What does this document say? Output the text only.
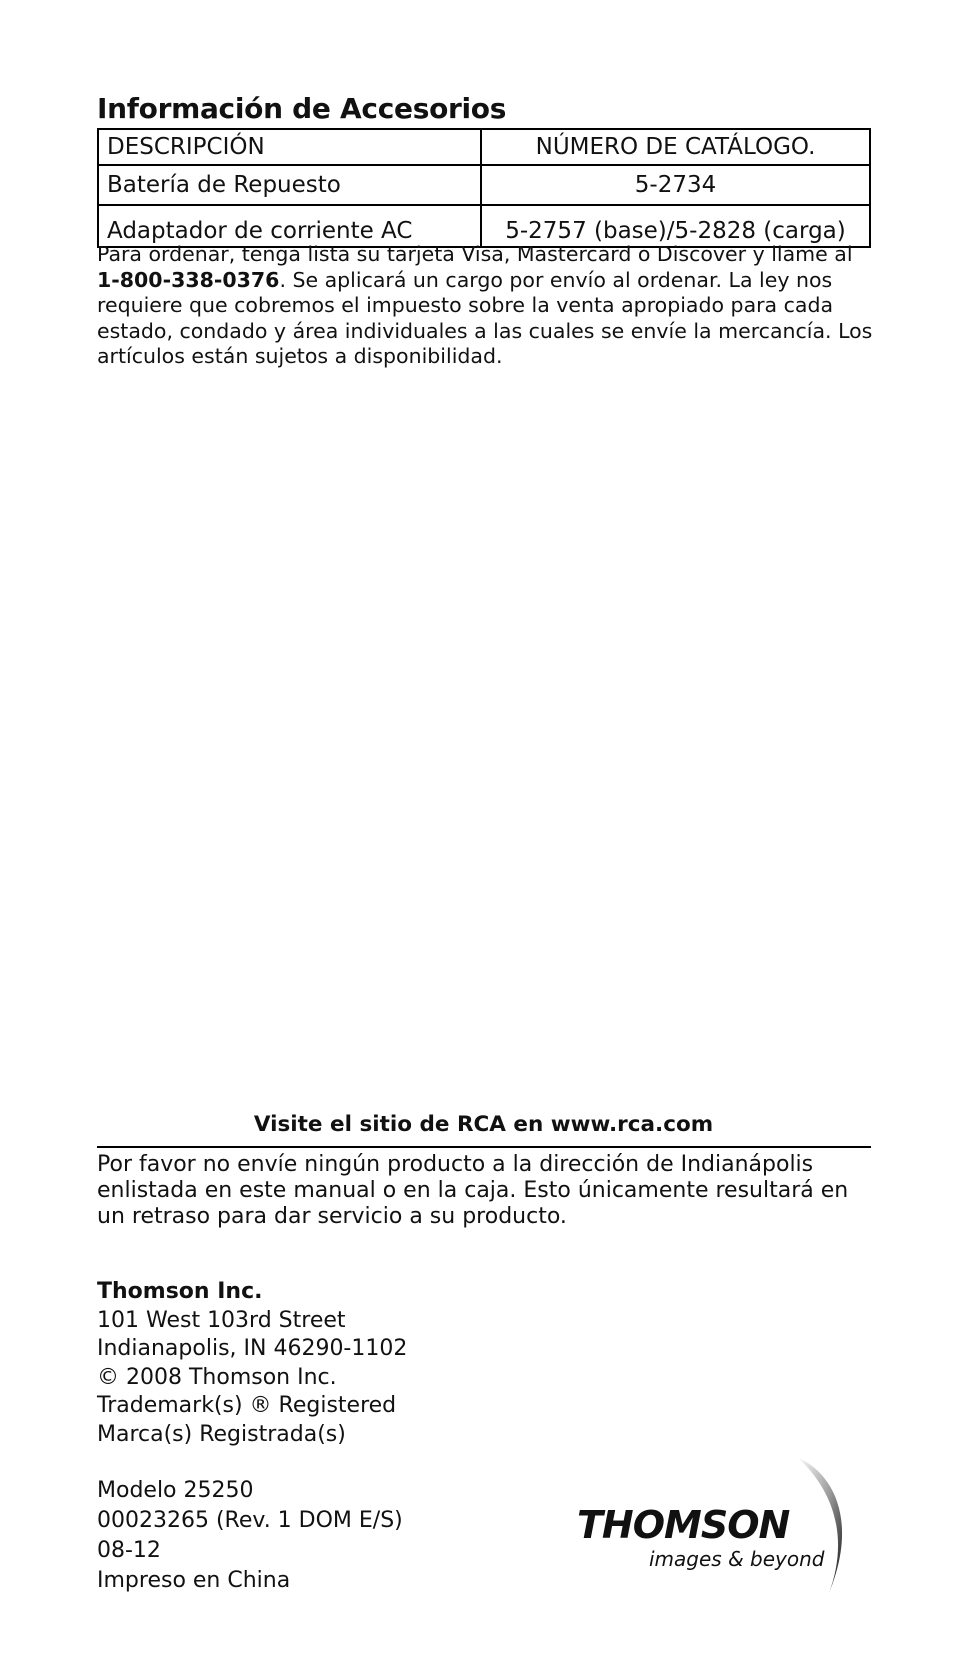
Información de Accesorios
DESCRIPCIÓN	NÚMERO DE CATÁLOGO.
Batería de Repuesto	5-2734
Adaptador de corriente AC	5-2757 (base)/5-2828 (carga)
Para ordenar, tenga lista su tarjeta Visa, Mastercard o Discover y llame al 1-800-338-0376. Se aplicará un cargo por envío al ordenar. La ley nos requiere que cobremos el impuesto sobre la venta apropiado para cada estado, condado y área individuales a las cuales se envíe la mercancía. Los artículos están sujetos a disponibilidad.
Visite el sitio de RCA en www.rca.com
Por favor no envíe ningún producto a la dirección de Indianápolis enlistada en este manual o en la caja. Esto únicamente resultará en un retraso para dar servicio a su producto.
Thomson Inc.
101 West 103rd Street
Indianapolis, IN 46290-1102
© 2008 Thomson Inc.
Trademark(s) ® Registered
Marca(s) Registrada(s)
Modelo 25250
00023265 (Rev. 1 DOM E/S)
08-12
Impreso en China
THOMSON
images & beyond
